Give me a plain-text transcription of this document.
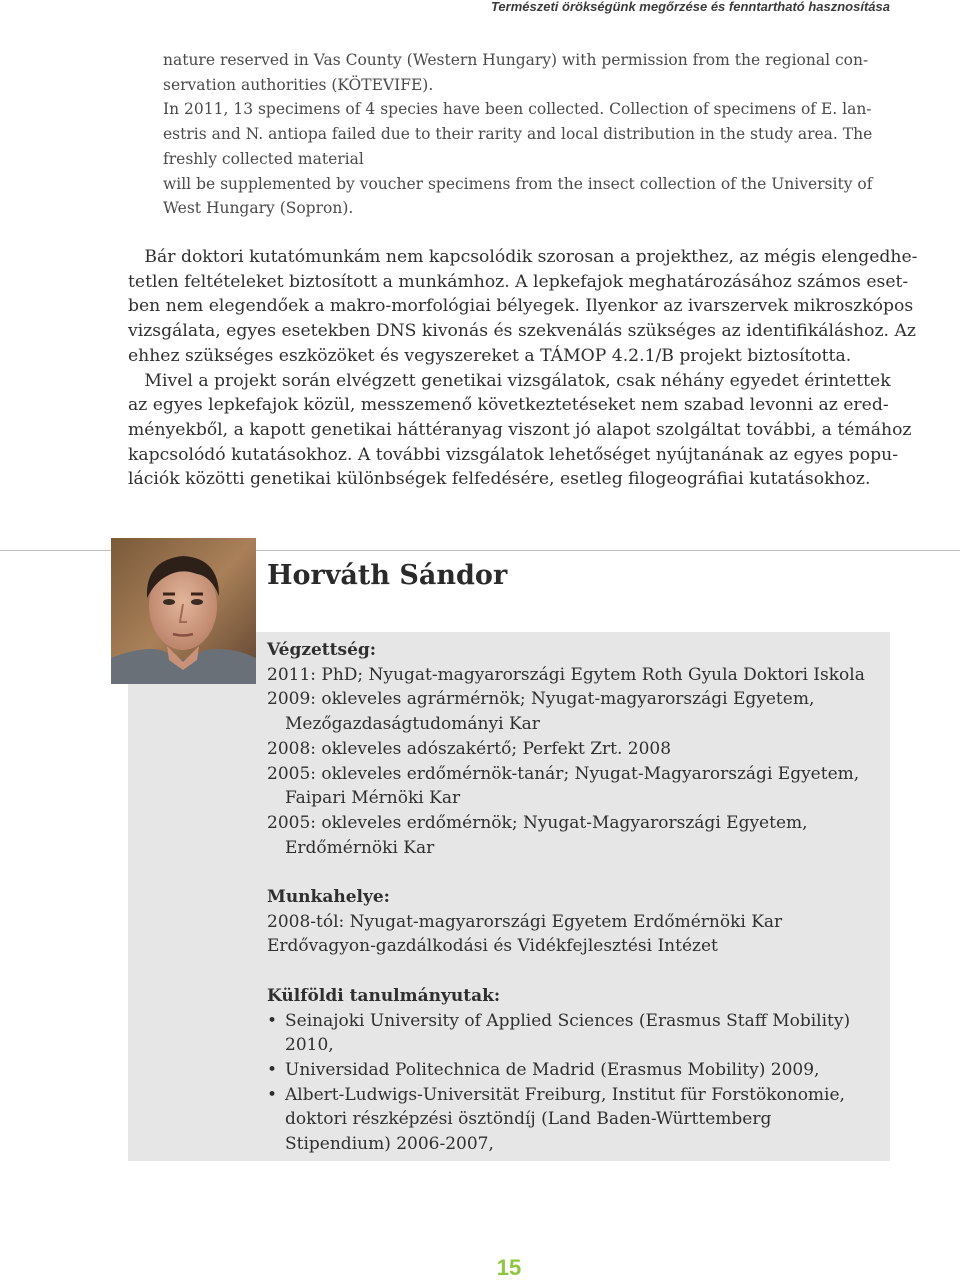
Természeti örökségünk megőrzése és fenntartható hasznosítása
nature reserved in Vas County (Western Hungary) with permission from the regional con-
servation authorities (KÖTEVIFE).
In 2011, 13 specimens of 4 species have been collected. Collection of specimens of E. lan-
estris and N. antiopa failed due to their rarity and local distribution in the study area. The
freshly collected material
will be supplemented by voucher specimens from the insect collection of the University of
West Hungary (Sopron).
Bár doktori kutatómunkám nem kapcsolódik szorosan a projekthez, az mégis elengedhe-
tetlen feltételeket biztosított a munkámhoz. A lepkefajok meghatározásához számos eset-
ben nem elegendőek a makro-morfológiai bélyegek. Ilyenkor az ivarszervek mikroszkópos
vizsgálata, egyes esetekben DNS kivonás és szekvenálás szükséges az identifikáláshoz. Az
ehhez szükséges eszközöket és vegyszereket a TÁMOP 4.2.1/B projekt biztosította.
Mivel a projekt során elvégzett genetikai vizsgálatok, csak néhány egyedet érintettek
az egyes lepkefajok közül, messzemenő következtetéseket nem szabad levonni az ered-
ményekből, a kapott genetikai háttéranyag viszont jó alapot szolgáltat további, a témához
kapcsolódó kutatásokhoz. A további vizsgálatok lehetőséget nyújtanának az egyes popu-
lációk közötti genetikai különbségek felfedésére, esetleg filogeográfiai kutatásokhoz.
Horváth Sándor
Végzettség:
2011: PhD; Nyugat-magyarországi Egytem Roth Gyula Doktori Iskola
2009: okleveles agrármérnök; Nyugat-magyarországi Egyetem,
Mezőgazdaságtudományi Kar
2008: okleveles adószakértő; Perfekt Zrt. 2008
2005: okleveles erdőmérnök-tanár; Nyugat-Magyarországi Egyetem,
Faipari Mérnöki Kar
2005: okleveles erdőmérnök; Nyugat-Magyarországi Egyetem,
Erdőmérnöki Kar
Munkahelye:
2008-tól: Nyugat-magyarországi Egyetem Erdőmérnöki Kar
Erdővagyon-gazdálkodási és Vidékfejlesztési Intézet
Külföldi tanulmányutak:
• Seinajoki University of Applied Sciences (Erasmus Staff Mobility)
2010,
• Universidad Politechnica de Madrid (Erasmus Mobility) 2009,
• Albert-Ludwigs-Universität Freiburg, Institut für Forstökonomie,
doktori részképzési ösztöndíj (Land Baden-Württemberg
Stipendium) 2006-2007,
15
